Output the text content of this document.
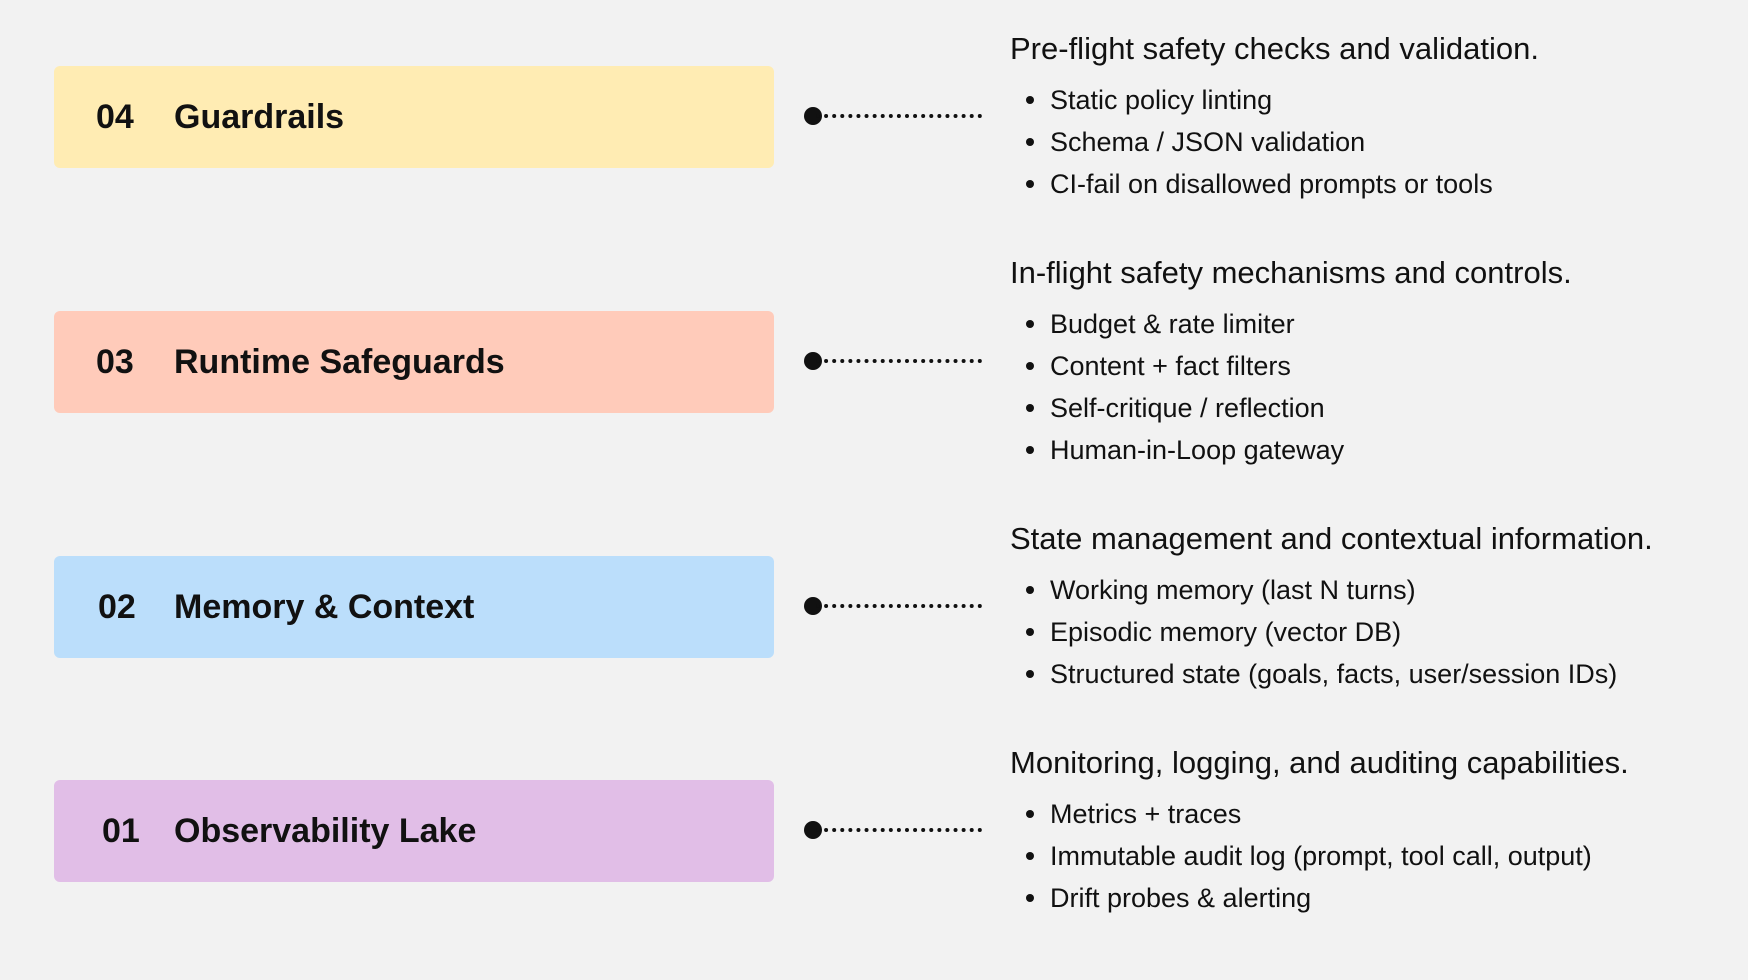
04 Guardrails

Pre-flight safety checks and validation.

Static policy linting
Schema / JSON validation
CI-fail on disallowed prompts or tools
03 Runtime Safeguards

In-flight safety mechanisms and controls.

Budget & rate limiter
Content + fact filters
Self-critique / reflection
Human-in-Loop gateway
02 Memory & Context

State management and contextual information.

Working memory (last N turns)
Episodic memory (vector DB)
Structured state (goals, facts, user/session IDs)
01 Observability Lake

Monitoring, logging, and auditing capabilities.

Metrics + traces
Immutable audit log (prompt, tool call, output)
Drift probes & alerting
